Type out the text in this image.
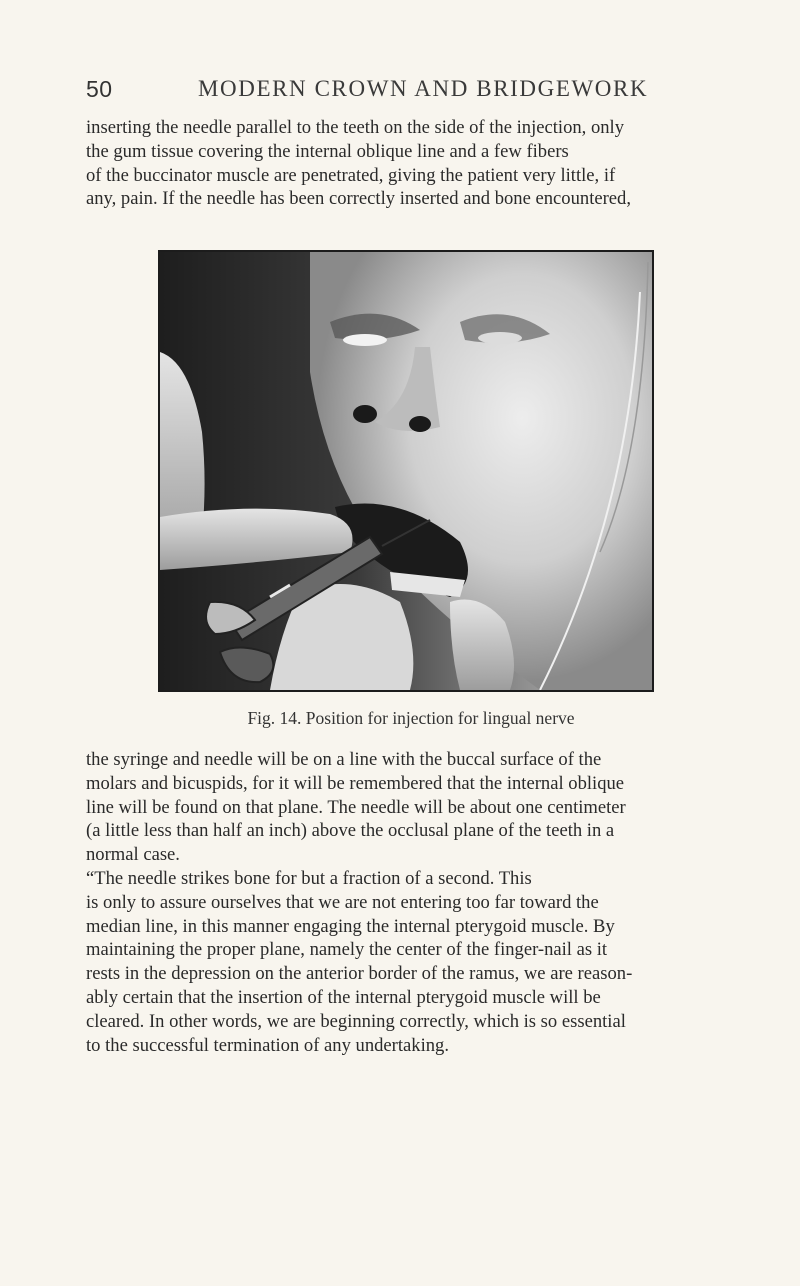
50	MODERN CROWN AND BRIDGEWORK

inserting the needle parallel to the teeth on the side of the injection, only
the gum tissue covering the internal oblique line and a few fibers
of the buccinator muscle are penetrated, giving the patient very little, if
any, pain. If the needle has been correctly inserted and bone encountered,

Fig. 14. Position for injection for lingual nerve

the syringe and needle will be on a line with the buccal surface of the
molars and bicuspids, for it will be remembered that the internal oblique
line will be found on that plane. The needle will be about one centimeter
(a little less than half an inch) above the occlusal plane of the teeth in a
normal case.
“The needle strikes bone for but a fraction of a second. This
is only to assure ourselves that we are not entering too far toward the
median line, in this manner engaging the internal pterygoid muscle. By
maintaining the proper plane, namely the center of the finger-nail as it
rests in the depression on the anterior border of the ramus, we are reason-
ably certain that the insertion of the internal pterygoid muscle will be
cleared. In other words, we are beginning correctly, which is so essential
to the successful termination of any undertaking.
